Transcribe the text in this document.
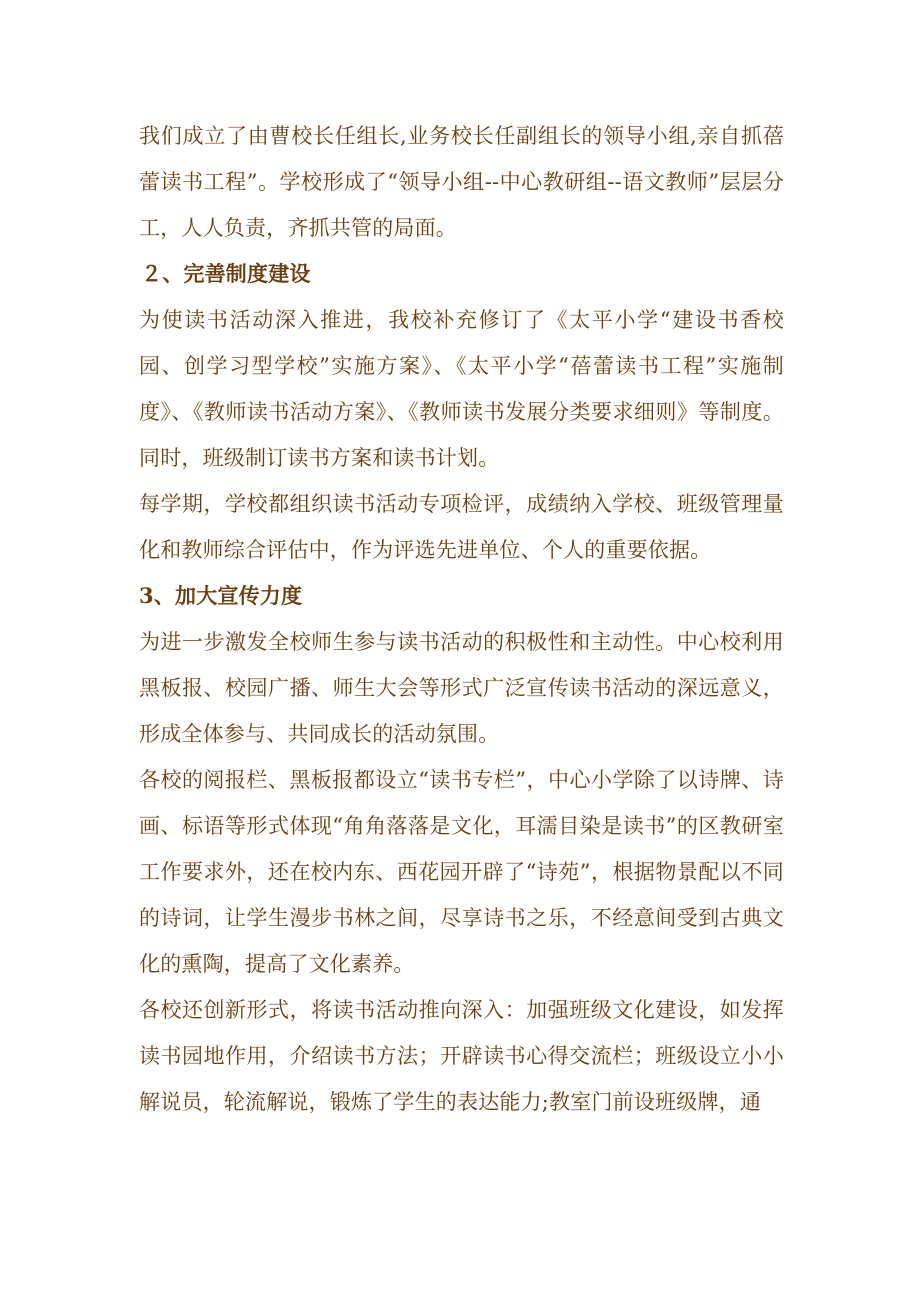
我们成立了由曹校长任组长,业务校长任副组长的领导小组,亲自抓蓓蕾读书工程”。学校形成了“领导小组--中心教研组--语文教师”层层分工，人人负责，齐抓共管的局面。

２、完善制度建设

为使读书活动深入推进，我校补充修订了《太平小学“建设书香校园、创学习型学校”实施方案》、《太平小学“蓓蕾读书工程”实施制度》、《教师读书活动方案》、《教师读书发展分类要求细则》等制度。同时，班级制订读书方案和读书计划。

每学期，学校都组织读书活动专项检评，成绩纳入学校、班级管理量化和教师综合评估中，作为评选先进单位、个人的重要依据。

3、加大宣传力度

为进一步激发全校师生参与读书活动的积极性和主动性。中心校利用黑板报、校园广播、师生大会等形式广泛宣传读书活动的深远意义，形成全体参与、共同成长的活动氛围。

各校的阅报栏、黑板报都设立“读书专栏”，中心小学除了以诗牌、诗画、标语等形式体现“角角落落是文化，耳濡目染是读书”的区教研室工作要求外，还在校内东、西花园开辟了“诗苑”，根据物景配以不同的诗词，让学生漫步书林之间，尽享诗书之乐，不经意间受到古典文化的熏陶，提高了文化素养。

各校还创新形式，将读书活动推向深入：加强班级文化建设，如发挥读书园地作用，介绍读书方法；开辟读书心得交流栏；班级设立小小解说员，轮流解说，锻炼了学生的表达能力;教室门前设班级牌，通
